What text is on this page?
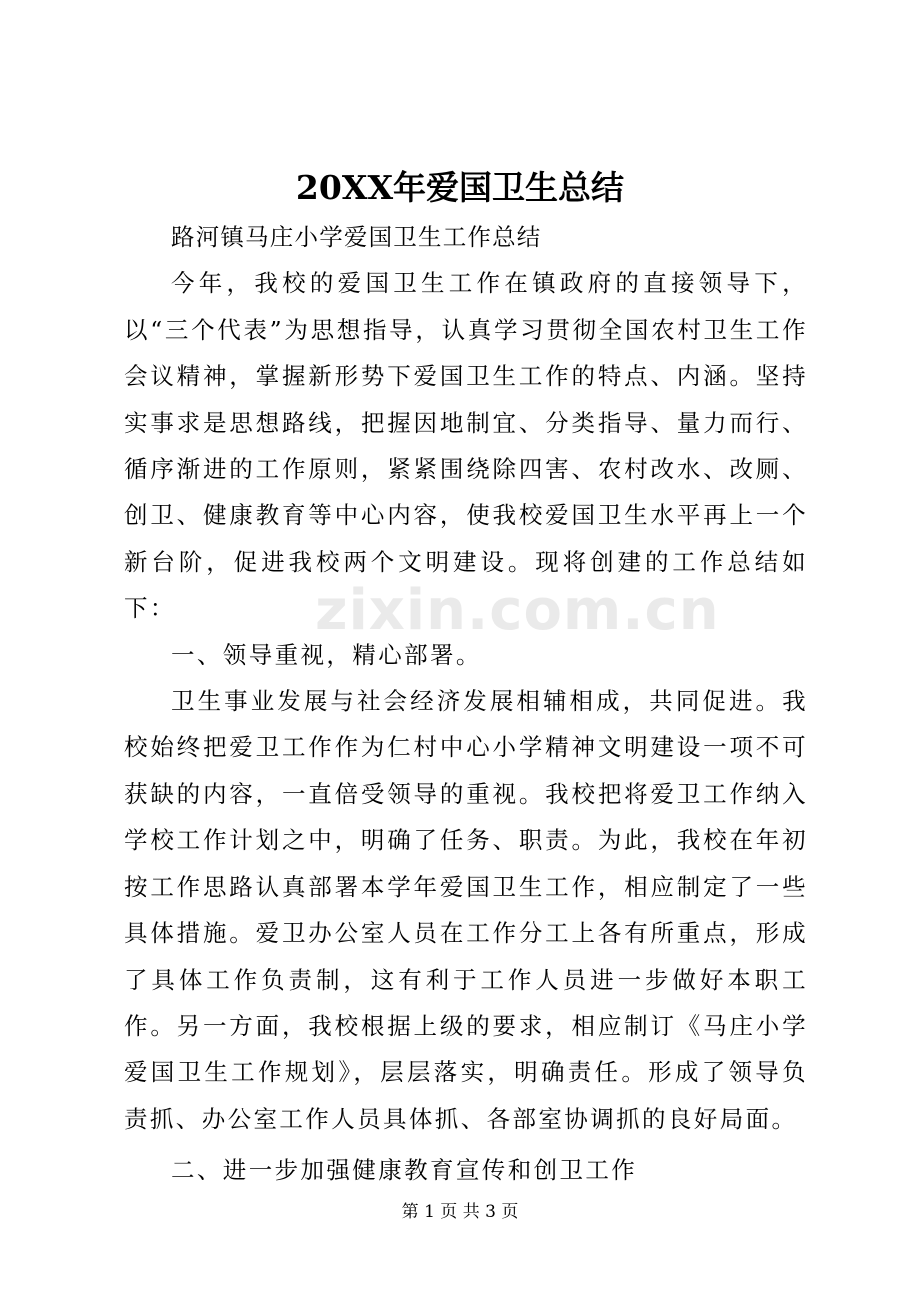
20XX年爱国卫生总结

路河镇马庄小学爱国卫生工作总结

今年，我校的爱国卫生工作在镇政府的直接领导下，以“三个代表”为思想指导，认真学习贯彻全国农村卫生工作会议精神，掌握新形势下爱国卫生工作的特点、内涵。坚持实事求是思想路线，把握因地制宜、分类指导、量力而行、循序渐进的工作原则，紧紧围绕除四害、农村改水、改厕、创卫、健康教育等中心内容，使我校爱国卫生水平再上一个新台阶，促进我校两个文明建设。现将创建的工作总结如下：

一、领导重视，精心部署。

卫生事业发展与社会经济发展相辅相成，共同促进。我校始终把爱卫工作作为仁村中心小学精神文明建设一项不可获缺的内容，一直倍受领导的重视。我校把将爱卫工作纳入学校工作计划之中，明确了任务、职责。为此，我校在年初按工作思路认真部署本学年爱国卫生工作，相应制定了一些具体措施。爱卫办公室人员在工作分工上各有所重点，形成了具体工作负责制，这有利于工作人员进一步做好本职工作。另一方面，我校根据上级的要求，相应制订《马庄小学爱国卫生工作规划》，层层落实，明确责任。形成了领导负责抓、办公室工作人员具体抓、各部室协调抓的良好局面。

二、进一步加强健康教育宣传和创卫工作

zixin.com.cn
第 1 页 共 3 页
